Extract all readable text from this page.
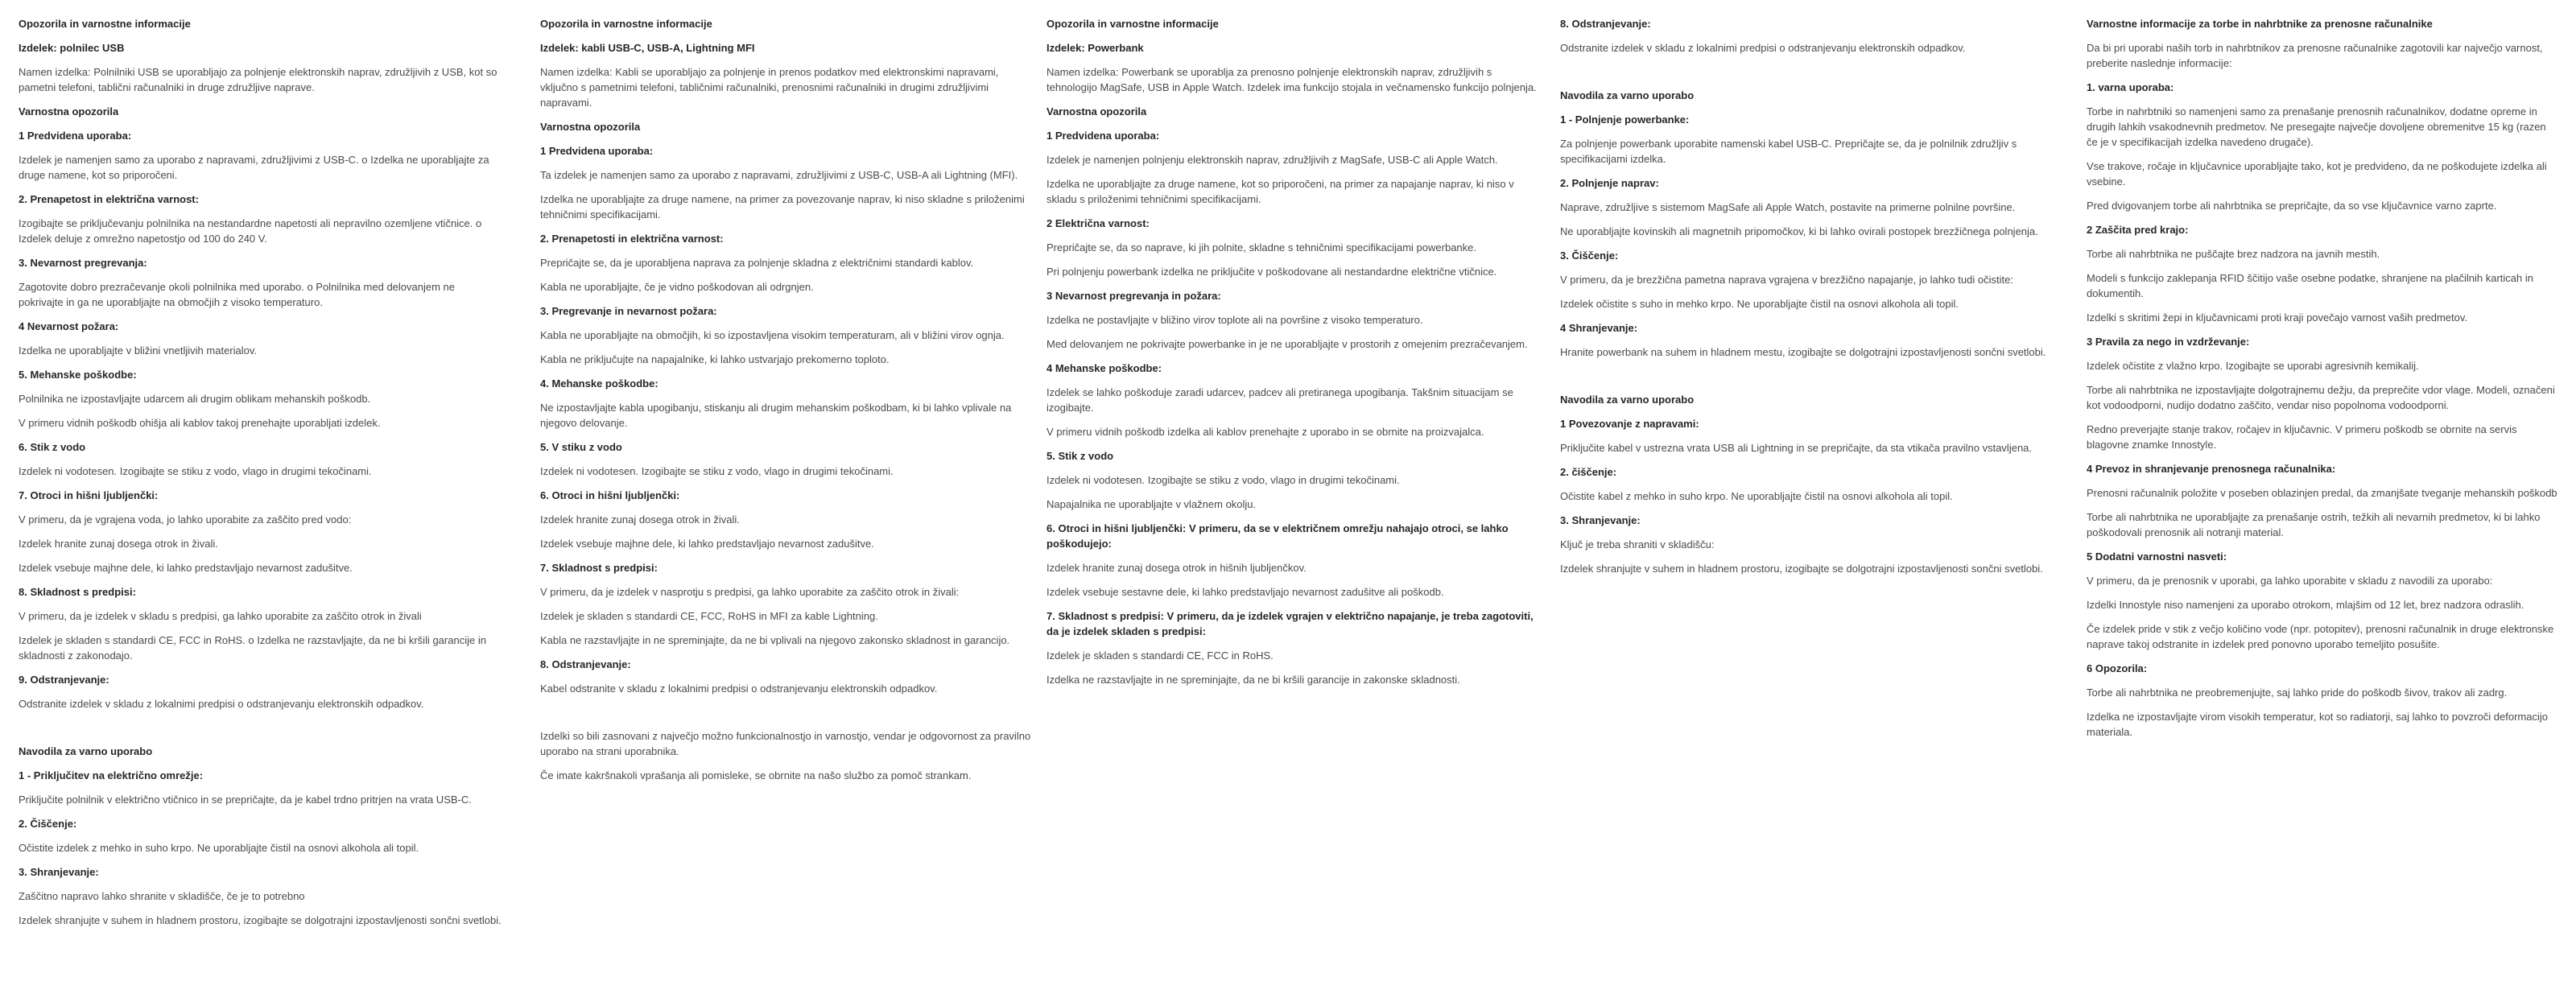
Opozorila in varnostne informacije
Izdelek: polnilec USB
Namen izdelka: Polnilniki USB se uporabljajo za polnjenje elektronskih naprav, združljivih z USB, kot so pametni telefoni, tablični računalniki in druge združljive naprave.
Varnostna opozorila
1 Predvidena uporaba:
Izdelek je namenjen samo za uporabo z napravami, združljivimi z USB-C. o Izdelka ne uporabljajte za druge namene, kot so priporočeni.
2. Prenapetost in električna varnost:
Izogibajte se priključevanju polnilnika na nestandardne napetosti ali nepravilno ozemljene vtičnice. o Izdelek deluje z omrežno napetostjo od 100 do 240 V.
3. Nevarnost pregrevanja:
Zagotovite dobro prezračevanje okoli polnilnika med uporabo. o Polnilnika med delovanjem ne pokrivajte in ga ne uporabljajte na območjih z visoko temperaturo.
4 Nevarnost požara:
Izdelka ne uporabljajte v bližini vnetljivih materialov.
5. Mehanske poškodbe:
Polnilnika ne izpostavljajte udarcem ali drugim oblikam mehanskih poškodb.
V primeru vidnih poškodb ohišja ali kablov takoj prenehajte uporabljati izdelek.
6. Stik z vodo
Izdelek ni vodotesen. Izogibajte se stiku z vodo, vlago in drugimi tekočinami.
7. Otroci in hišni ljubljenčki:
V primeru, da je vgrajena voda, jo lahko uporabite za zaščito pred vodo:
Izdelek hranite zunaj dosega otrok in živali.
Izdelek vsebuje majhne dele, ki lahko predstavljajo nevarnost zadušitve.
8. Skladnost s predpisi:
V primeru, da je izdelek v skladu s predpisi, ga lahko uporabite za zaščito otrok in živali
Izdelek je skladen s standardi CE, FCC in RoHS. o Izdelka ne razstavljajte, da ne bi kršili garancije in skladnosti z zakonodajo.
9. Odstranjevanje:
Odstranite izdelek v skladu z lokalnimi predpisi o odstranjevanju elektronskih odpadkov.
Navodila za varno uporabo
1 - Priključitev na električno omrežje:
Priključite polnilnik v električno vtičnico in se prepričajte, da je kabel trdno pritrjen na vrata USB-C.
2. Čiščenje:
Očistite izdelek z mehko in suho krpo. Ne uporabljajte čistil na osnovi alkohola ali topil.
3. Shranjevanje:
Zaščitno napravo lahko shranite v skladišče, če je to potrebno
Izdelek shranjujte v suhem in hladnem prostoru, izogibajte se dolgotrajni izpostavljenosti sončni svetlobi.
Opozorila in varnostne informacije
Izdelek: kabli USB-C, USB-A, Lightning MFI
Namen izdelka: Kabli se uporabljajo za polnjenje in prenos podatkov med elektronskimi napravami, vključno s pametnimi telefoni, tabličnimi računalniki, prenosnimi računalniki in drugimi združljivimi napravami.
Varnostna opozorila
1 Predvidena uporaba:
Ta izdelek je namenjen samo za uporabo z napravami, združljivimi z USB-C, USB-A ali Lightning (MFI).
Izdelka ne uporabljajte za druge namene, na primer za povezovanje naprav, ki niso skladne s priloženimi tehničnimi specifikacijami.
2. Prenapetosti in električna varnost:
Prepričajte se, da je uporabljena naprava za polnjenje skladna z električnimi standardi kablov.
Kabla ne uporabljajte, če je vidno poškodovan ali odrgnjen.
3. Pregrevanje in nevarnost požara:
Kabla ne uporabljajte na območjih, ki so izpostavljena visokim temperaturam, ali v bližini virov ognja.
Kabla ne priključujte na napajalnike, ki lahko ustvarjajo prekomerno toploto.
4. Mehanske poškodbe:
Ne izpostavljajte kabla upogibanju, stiskanju ali drugim mehanskim poškodbam, ki bi lahko vplivale na njegovo delovanje.
5. V stiku z vodo
Izdelek ni vodotesen. Izogibajte se stiku z vodo, vlago in drugimi tekočinami.
6. Otroci in hišni ljubljenčki:
Izdelek hranite zunaj dosega otrok in živali.
Izdelek vsebuje majhne dele, ki lahko predstavljajo nevarnost zadušitve.
7. Skladnost s predpisi:
V primeru, da je izdelek v nasprotju s predpisi, ga lahko uporabite za zaščito otrok in živali:
Izdelek je skladen s standardi CE, FCC, RoHS in MFI za kable Lightning.
Kabla ne razstavljajte in ne spreminjajte, da ne bi vplivali na njegovo zakonsko skladnost in garancijo.
8. Odstranjevanje:
Kabel odstranite v skladu z lokalnimi predpisi o odstranjevanju elektronskih odpadkov.
Izdelki so bili zasnovani z največjo možno funkcionalnostjo in varnostjo, vendar je odgovornost za pravilno uporabo na strani uporabnika.
Če imate kakršnakoli vprašanja ali pomisleke, se obrnite na našo službo za pomoč strankam.
Opozorila in varnostne informacije
Izdelek: Powerbank
Namen izdelka: Powerbank se uporablja za prenosno polnjenje elektronskih naprav, združljivih s tehnologijo MagSafe, USB in Apple Watch. Izdelek ima funkcijo stojala in večnamensko funkcijo polnjenja.
Varnostna opozorila
1 Predvidena uporaba:
Izdelek je namenjen polnjenju elektronskih naprav, združljivih z MagSafe, USB-C ali Apple Watch.
Izdelka ne uporabljajte za druge namene, kot so priporočeni, na primer za napajanje naprav, ki niso v skladu s priloženimi tehničnimi specifikacijami.
2 Električna varnost:
Prepričajte se, da so naprave, ki jih polnite, skladne s tehničnimi specifikacijami powerbanke.
Pri polnjenju powerbank izdelka ne priključite v poškodovane ali nestandardne električne vtičnice.
3 Nevarnost pregrevanja in požara:
Izdelka ne postavljajte v bližino virov toplote ali na površine z visoko temperaturo.
Med delovanjem ne pokrivajte powerbanke in je ne uporabljajte v prostorih z omejenim prezračevanjem.
4 Mehanske poškodbe:
Izdelek se lahko poškoduje zaradi udarcev, padcev ali pretiranega upogibanja. Takšnim situacijam se izogibajte.
V primeru vidnih poškodb izdelka ali kablov prenehajte z uporabo in se obrnite na proizvajalca.
5. Stik z vodo
Izdelek ni vodotesen. Izogibajte se stiku z vodo, vlago in drugimi tekočinami.
Napajalnika ne uporabljajte v vlažnem okolju.
6. Otroci in hišni ljubljenčki: V primeru, da se v električnem omrežju nahajajo otroci, se lahko poškodujejo:
Izdelek hranite zunaj dosega otrok in hišnih ljubljenčkov.
Izdelek vsebuje sestavne dele, ki lahko predstavljajo nevarnost zadušitve ali poškodb.
7. Skladnost s predpisi: V primeru, da je izdelek vgrajen v električno napajanje, je treba zagotoviti, da je izdelek skladen s predpisi:
Izdelek je skladen s standardi CE, FCC in RoHS.
Izdelka ne razstavljajte in ne spreminjajte, da ne bi kršili garancije in zakonske skladnosti.
8. Odstranjevanje:
Odstranite izdelek v skladu z lokalnimi predpisi o odstranjevanju elektronskih odpadkov.
Navodila za varno uporabo
1 - Polnjenje powerbanke:
Za polnjenje powerbank uporabite namenski kabel USB-C. Prepričajte se, da je polnilnik združljiv s specifikacijami izdelka.
2. Polnjenje naprav:
Naprave, združljive s sistemom MagSafe ali Apple Watch, postavite na primerne polnilne površine.
Ne uporabljajte kovinskih ali magnetnih pripomočkov, ki bi lahko ovirali postopek brezžičnega polnjenja.
3. Čiščenje:
V primeru, da je brezžična pametna naprava vgrajena v brezžično napajanje, jo lahko tudi očistite:
Izdelek očistite s suho in mehko krpo. Ne uporabljajte čistil na osnovi alkohola ali topil.
4 Shranjevanje:
Hranite powerbank na suhem in hladnem mestu, izogibajte se dolgotrajni izpostavljenosti sončni svetlobi.
Navodila za varno uporabo
1 Povezovanje z napravami:
Priključite kabel v ustrezna vrata USB ali Lightning in se prepričajte, da sta vtikača pravilno vstavljena.
2. čiščenje:
Očistite kabel z mehko in suho krpo. Ne uporabljajte čistil na osnovi alkohola ali topil.
3. Shranjevanje:
Ključ je treba shraniti v skladišču:
Izdelek shranjujte v suhem in hladnem prostoru, izogibajte se dolgotrajni izpostavljenosti sončni svetlobi.
Varnostne informacije za torbe in nahrbtnike za prenosne računalnike
Da bi pri uporabi naših torb in nahrbtnikov za prenosne računalnike zagotovili kar največjo varnost, preberite naslednje informacije:
1. varna uporaba:
Torbe in nahrbtniki so namenjeni samo za prenašanje prenosnih računalnikov, dodatne opreme in drugih lahkih vsakodnevnih predmetov. Ne presegajte največje dovoljene obremenitve 15 kg (razen če je v specifikacijah izdelka navedeno drugače).
Vse trakove, ročaje in ključavnice uporabljajte tako, kot je predvideno, da ne poškodujete izdelka ali vsebine.
Pred dvigovanjem torbe ali nahrbtnika se prepričajte, da so vse ključavnice varno zaprte.
2 Zaščita pred krajo:
Torbe ali nahrbtnika ne puščajte brez nadzora na javnih mestih.
Modeli s funkcijo zaklepanja RFID ščitijo vaše osebne podatke, shranjene na plačilnih karticah in dokumentih.
Izdelki s skritimi žepi in ključavnicami proti kraji povečajo varnost vaših predmetov.
3 Pravila za nego in vzdrževanje:
Izdelek očistite z vlažno krpo. Izogibajte se uporabi agresivnih kemikalij.
Torbe ali nahrbtnika ne izpostavljajte dolgotrajnemu dežju, da preprečite vdor vlage. Modeli, označeni kot vodoodporni, nudijo dodatno zaščito, vendar niso popolnoma vodoodporni.
Redno preverjajte stanje trakov, ročajev in ključavnic. V primeru poškodb se obrnite na servis blagovne znamke Innostyle.
4 Prevoz in shranjevanje prenosnega računalnika:
Prenosni računalnik položite v poseben oblazinjen predal, da zmanjšate tveganje mehanskih poškodb
Torbe ali nahrbtnika ne uporabljajte za prenašanje ostrih, težkih ali nevarnih predmetov, ki bi lahko poškodovali prenosnik ali notranji material.
5 Dodatni varnostni nasveti:
V primeru, da je prenosnik v uporabi, ga lahko uporabite v skladu z navodili za uporabo:
Izdelki Innostyle niso namenjeni za uporabo otrokom, mlajšim od 12 let, brez nadzora odraslih.
Če izdelek pride v stik z večjo količino vode (npr. potopitev), prenosni računalnik in druge elektronske naprave takoj odstranite in izdelek pred ponovno uporabo temeljito posušite.
6 Opozorila:
Torbe ali nahrbtnika ne preobremenjujte, saj lahko pride do poškodb šivov, trakov ali zadrg.
Izdelka ne izpostavljajte virom visokih temperatur, kot so radiatorji, saj lahko to povzroči deformacijo materiala.
